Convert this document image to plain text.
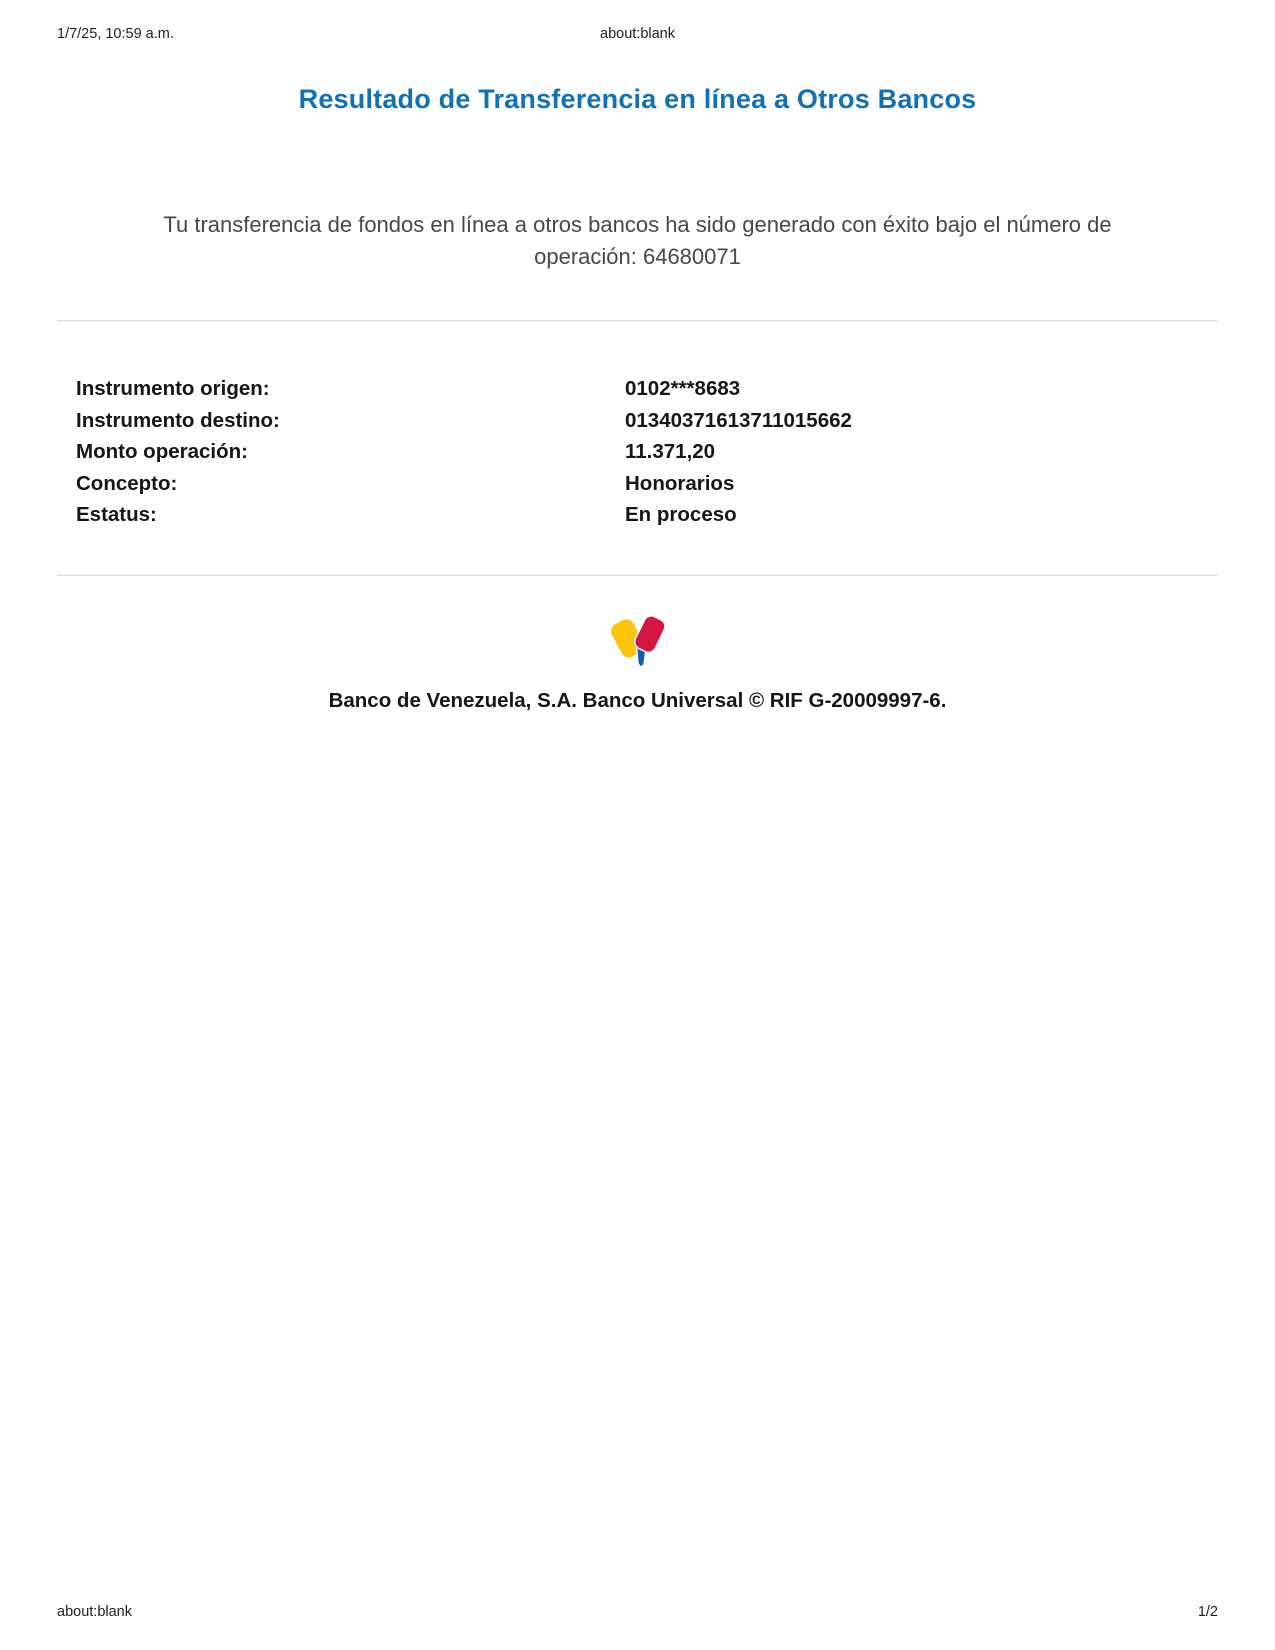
1/7/25, 10:59 a.m.	about:blank
Resultado de Transferencia en línea a Otros Bancos

Tu transferencia de fondos en línea a otros bancos ha sido generado con éxito bajo el número de operación: 64680071

Instrumento origen:	0102***8683
Instrumento destino:	01340371613711015662
Monto operación:	11.371,20
Concepto:	Honorarios
Estatus:	En proceso
Banco de Venezuela, S.A. Banco Universal © RIF G-20009997-6.
about:blank	1/2
